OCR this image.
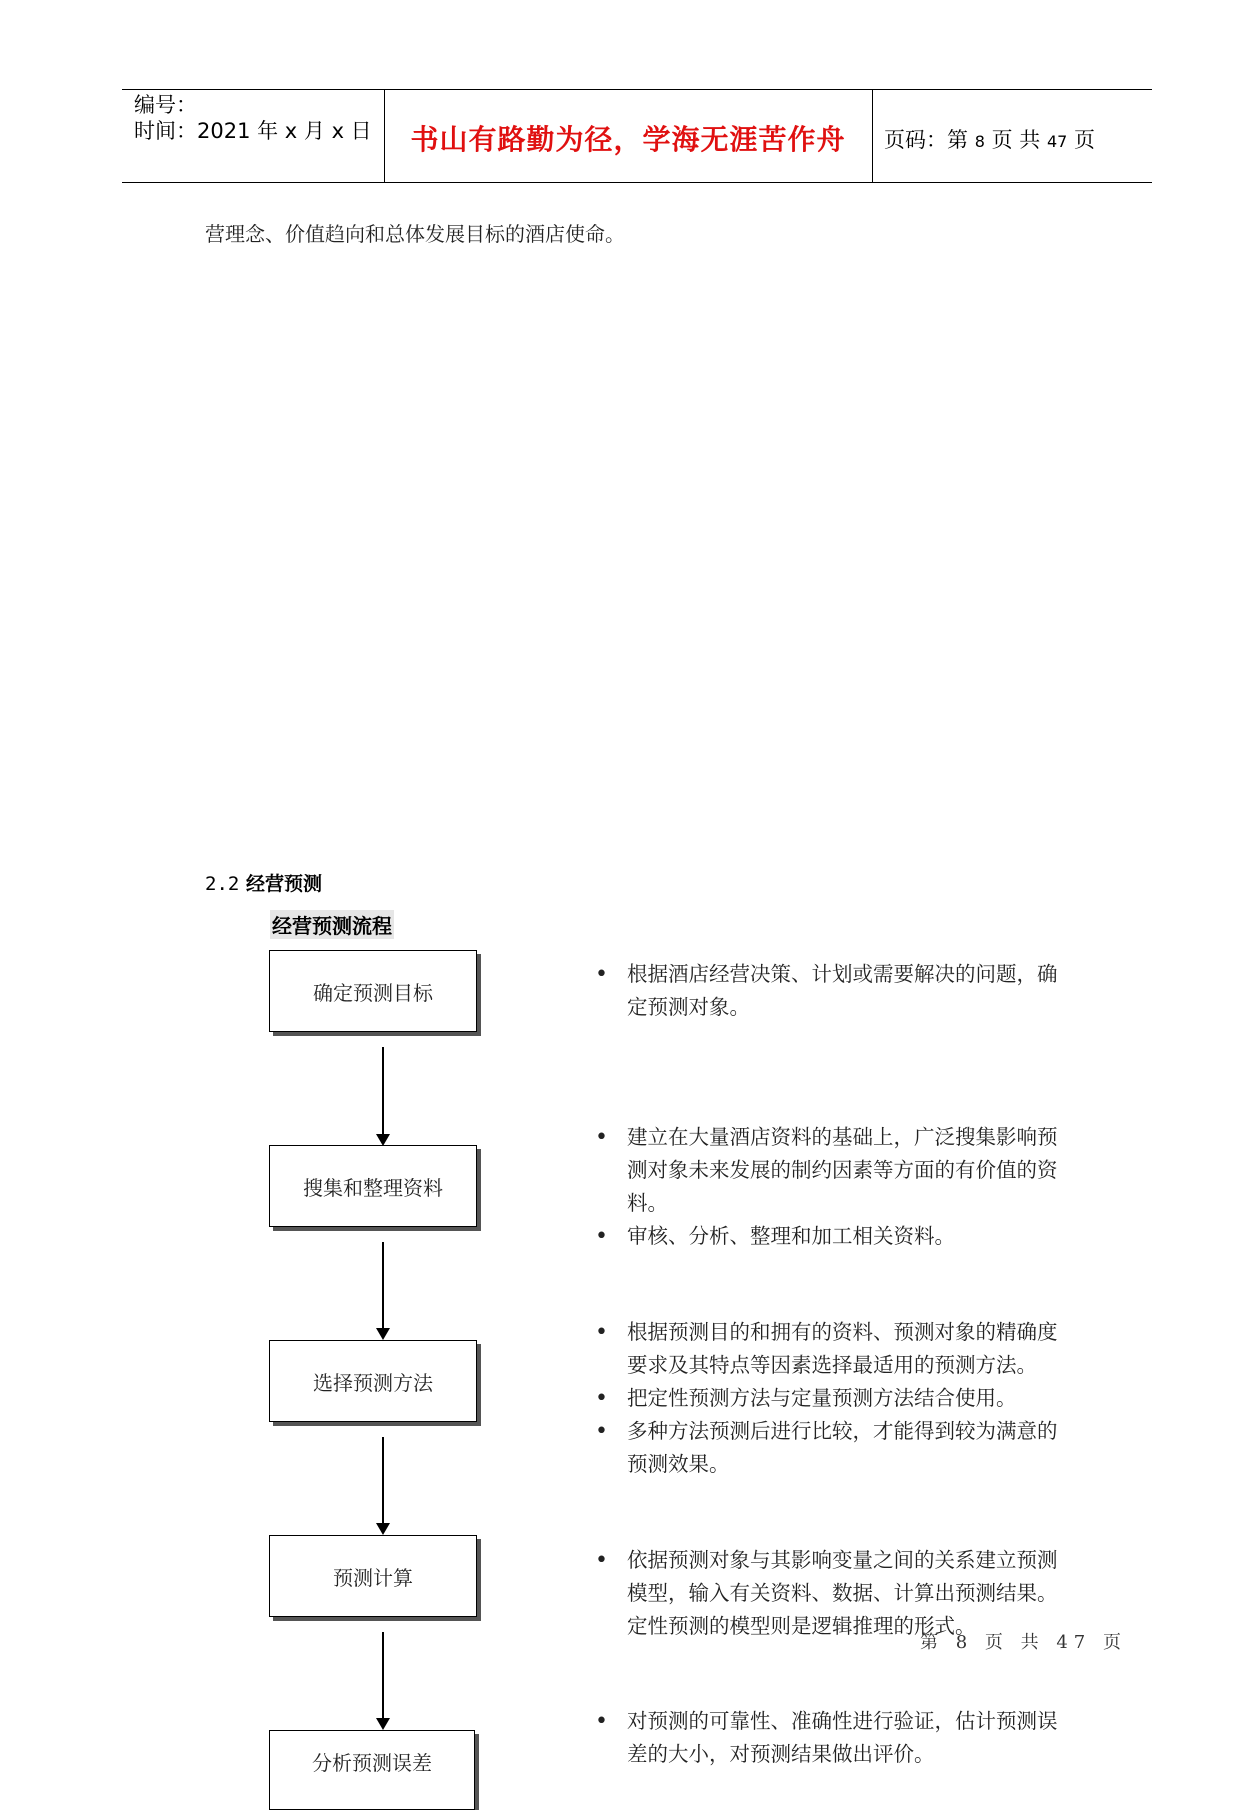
编号：
时间：2021 年 x 月 x 日	书山有路勤为径，学海无涯苦作舟	页码：第 8 页 共 47 页
营理念、价值趋向和总体发展目标的酒店使命。
2.2 经营预测
经营预测流程
确定预测目标
搜集和整理资料
选择预测方法
预测计算
分析预测误差
• 根据酒店经营决策、计划或需要解决的问题，确定预测对象。
• 建立在大量酒店资料的基础上，广泛搜集影响预测对象未来发展的制约因素等方面的有价值的资料。
• 审核、分析、整理和加工相关资料。
• 根据预测目的和拥有的资料、预测对象的精确度要求及其特点等因素选择最适用的预测方法。
• 把定性预测方法与定量预测方法结合使用。
• 多种方法预测后进行比较，才能得到较为满意的预测效果。
• 依据预测对象与其影响变量之间的关系建立预测模型，输入有关资料、数据、计算出预测结果。定性预测的模型则是逻辑推理的形式。
• 对预测的可靠性、准确性进行验证，估计预测误差的大小，对预测结果做出评价。
第 8 页 共 47 页
